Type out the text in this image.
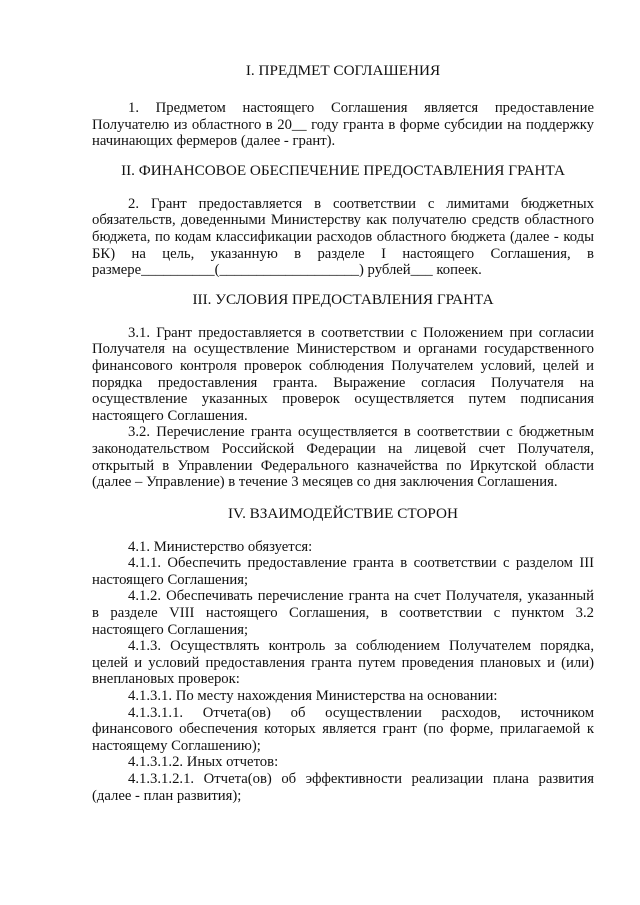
I. ПРЕДМЕТ СОГЛАШЕНИЯ

1. Предметом настоящего Соглашения является предоставление Получателю из областного в 20__ году гранта в форме субсидии на поддержку начинающих фермеров (далее - грант).

II. ФИНАНСОВОЕ ОБЕСПЕЧЕНИЕ ПРЕДОСТАВЛЕНИЯ ГРАНТА

2. Грант предоставляется в соответствии с лимитами бюджетных обязательств, доведенными Министерству как получателю средств областного бюджета, по кодам классификации расходов областного бюджета (далее - коды БК) на цель, указанную в разделе I настоящего Соглашения, в размере__________(___________________) рублей___ копеек.

III. УСЛОВИЯ ПРЕДОСТАВЛЕНИЯ ГРАНТА

3.1. Грант предоставляется в соответствии с Положением при согласии Получателя на осуществление Министерством и органами государственного финансового контроля проверок соблюдения Получателем условий, целей и порядка предоставления гранта. Выражение согласия Получателя на осуществление указанных проверок осуществляется путем подписания настоящего Соглашения.

3.2. Перечисление гранта осуществляется в соответствии с бюджетным законодательством Российской Федерации на лицевой счет Получателя, открытый в Управлении Федерального казначейства по Иркутской области (далее – Управление) в течение 3 месяцев со дня заключения Соглашения.

IV. ВЗАИМОДЕЙСТВИЕ СТОРОН

4.1. Министерство обязуется:

4.1.1. Обеспечить предоставление гранта в соответствии с разделом III настоящего Соглашения;

4.1.2. Обеспечивать перечисление гранта на счет Получателя, указанный в разделе VIII настоящего Соглашения, в соответствии с пунктом 3.2 настоящего Соглашения;

4.1.3. Осуществлять контроль за соблюдением Получателем порядка, целей и условий предоставления гранта путем проведения плановых и (или) внеплановых проверок:

4.1.3.1. По месту нахождения Министерства на основании:

4.1.3.1.1. Отчета(ов) об осуществлении расходов, источником финансового обеспечения которых является грант (по форме, прилагаемой к настоящему Соглашению);

4.1.3.1.2. Иных отчетов:

4.1.3.1.2.1. Отчета(ов) об эффективности реализации плана развития (далее - план развития);
